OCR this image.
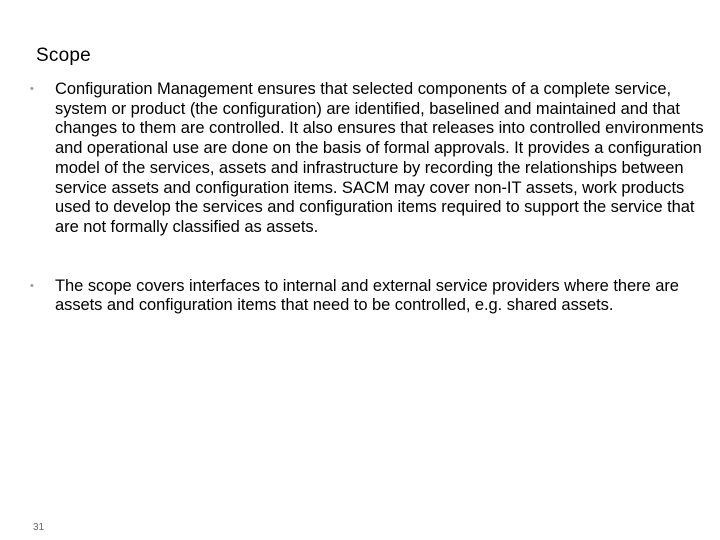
Scope
•	Configuration Management ensures that selected components of a complete service, system or product (the configuration) are identified, baselined and maintained and that changes to them are controlled. It also ensures that releases into controlled environments and operational use are done on the basis of formal approvals. It provides a configuration model of the services, assets and infrastructure by recording the relationships between service assets and configuration items. SACM may cover non-IT assets, work products used to develop the services and configuration items required to support the service that are not formally classified as assets.
•	The scope covers interfaces to internal and external service providers where there are assets and configuration items that need to be controlled, e.g. shared assets.
31
